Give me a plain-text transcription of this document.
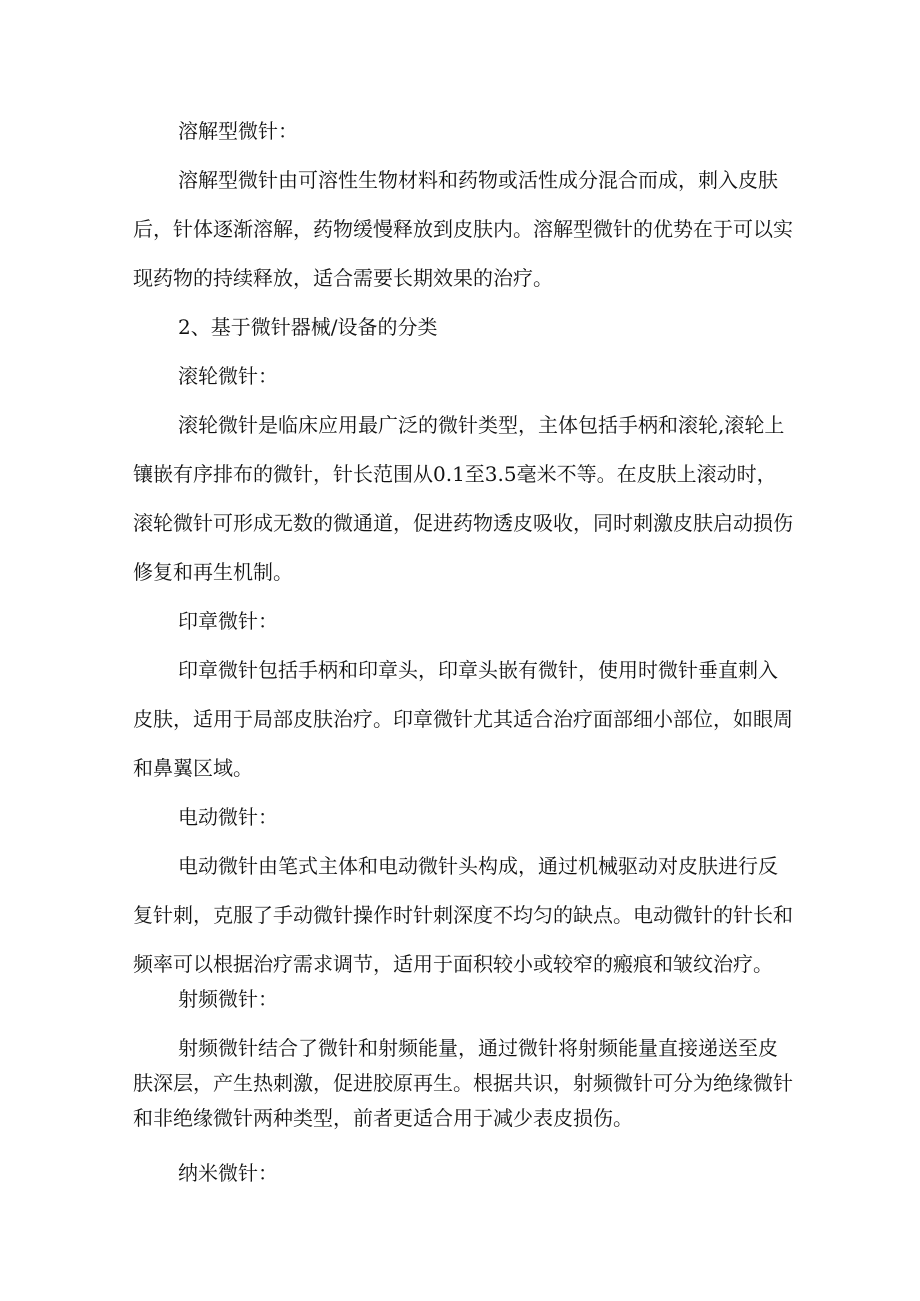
溶解型微针：
溶解型微针由可溶性生物材料和药物或活性成分混合而成，刺入皮肤
后，针体逐渐溶解，药物缓慢释放到皮肤内。溶解型微针的优势在于可以实
现药物的持续释放，适合需要长期效果的治疗。
2、基于微针器械/设备的分类
滚轮微针：
滚轮微针是临床应用最广泛的微针类型，主体包括手柄和滚轮,滚轮上
镶嵌有序排布的微针，针长范围从0.1至3.5毫米不等。在皮肤上滚动时，
滚轮微针可形成无数的微通道，促进药物透皮吸收，同时刺激皮肤启动损伤
修复和再生机制。
印章微针：
印章微针包括手柄和印章头，印章头嵌有微针，使用时微针垂直刺入
皮肤，适用于局部皮肤治疗。印章微针尤其适合治疗面部细小部位，如眼周
和鼻翼区域。
电动微针：
电动微针由笔式主体和电动微针头构成，通过机械驱动对皮肤进行反
复针刺，克服了手动微针操作时针刺深度不均匀的缺点。电动微针的针长和
频率可以根据治疗需求调节，适用于面积较小或较窄的瘢痕和皱纹治疗。
射频微针：
射频微针结合了微针和射频能量，通过微针将射频能量直接递送至皮
肤深层，产生热刺激，促进胶原再生。根据共识，射频微针可分为绝缘微针
和非绝缘微针两种类型，前者更适合用于减少表皮损伤。
纳米微针：
